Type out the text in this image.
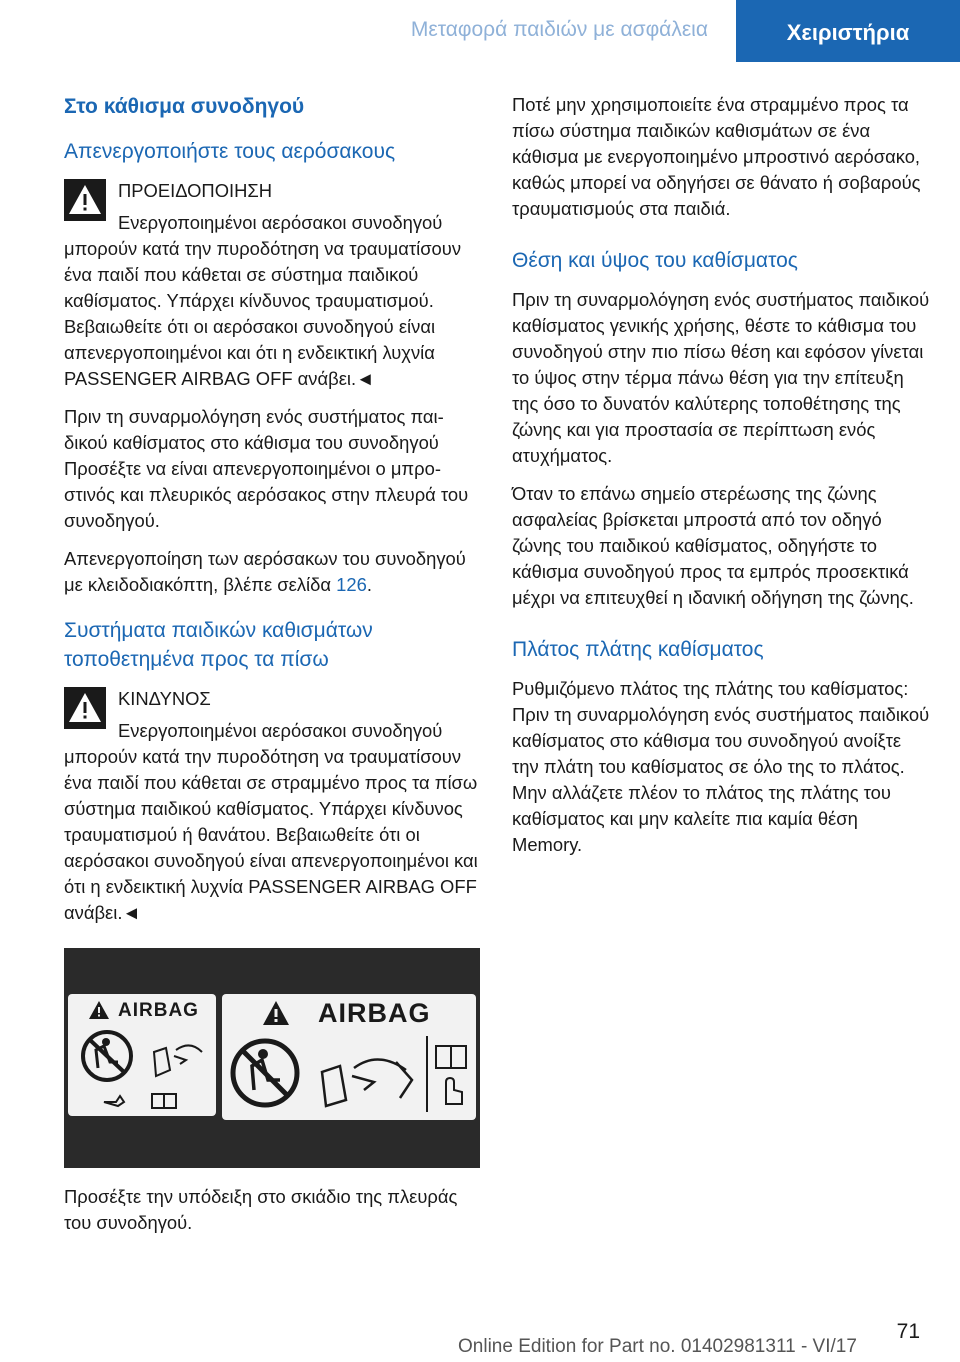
Μεταφορά παιδιών με ασφάλεια	Χειριστήρια
Στο κάθισμα συνοδηγού
Απενεργοποιήστε τους αερόσακους

ΠΡΟΕΙΔΟΠΟΙΗΣΗ

Ενεργοποιημένοι αερόσακοι συνοδηγού μπορούν κατά την πυροδότηση να τραυματίσουν ένα παιδί που κάθεται σε σύστημα παιδικού καθίσματος. Υπάρχει κίνδυνος τραυματισμού. Βεβαιωθείτε ότι οι αερόσακοι συνοδηγού είναι απενεργοποιημένοι και ότι η ενδεικτική λυχνία PASSENGER AIRBAG OFF ανάβει.◄

Πριν τη συναρμολόγηση ενός συστήματος παιδικού καθίσματος στο κάθισμα του συνοδηγού Προσέξτε να είναι απενεργοποιημένοι ο μπροστινός και πλευρικός αερόσακος στην πλευρά του συνοδηγού.

Απενεργοποίηση των αερόσακων του συνοδηγού με κλειδοδιακόπτη, βλέπε σελίδα 126.

Συστήματα παιδικών καθισμάτων τοποθετημένα προς τα πίσω

ΚΙΝΔΥΝΟΣ

Ενεργοποιημένοι αερόσακοι συνοδηγού μπορούν κατά την πυροδότηση να τραυματίσουν ένα παιδί που κάθεται σε στραμμένο προς τα πίσω σύστημα παιδικού καθίσματος. Υπάρχει κίνδυνος τραυματισμού ή θανάτου. Βεβαιωθείτε ότι οι αερόσακοι συνοδηγού είναι απενεργοποιημένοι και ότι η ενδεικτική λυχνία PASSENGER AIRBAG OFF ανάβει.◄

AIRBAG	AIRBAG

Προσέξτε την υπόδειξη στο σκιάδιο της πλευράς του συνοδηγού.

Ποτέ μην χρησιμοποιείτε ένα στραμμένο προς τα πίσω σύστημα παιδικών καθισμάτων σε ένα κάθισμα με ενεργοποιημένο μπροστινό αερόσακο, καθώς μπορεί να οδηγήσει σε θάνατο ή σοβαρούς τραυματισμούς στα παιδιά.

Θέση και ύψος του καθίσματος

Πριν τη συναρμολόγηση ενός συστήματος παιδικού καθίσματος γενικής χρήσης, θέστε το κάθισμα του συνοδηγού στην πιο πίσω θέση και εφόσον γίνεται το ύψος στην τέρμα πάνω θέση για την επίτευξη της όσο το δυνατόν καλύτερης τοποθέτησης της ζώνης και για προστασία σε περίπτωση ενός ατυχήματος.

Όταν το επάνω σημείο στερέωσης της ζώνης ασφαλείας βρίσκεται μπροστά από τον οδηγό ζώνης του παιδικού καθίσματος, οδηγήστε το κάθισμα συνοδηγού προς τα εμπρός προσεκτικά μέχρι να επιτευχθεί η ιδανική οδήγηση της ζώνης.

Πλάτος πλάτης καθίσματος

Ρυθμιζόμενο πλάτος της πλάτης του καθίσματος: Πριν τη συναρμολόγηση ενός συστήματος παιδικού καθίσματος στο κάθισμα του συνοδηγού ανοίξτε την πλάτη του καθίσματος σε όλο της το πλάτος. Μην αλλάζετε πλέον το πλάτος της πλάτης του καθίσματος και μην καλείτε πια καμία θέση Memory.

71
Online Edition for Part no. 01402981311 - VI/17
